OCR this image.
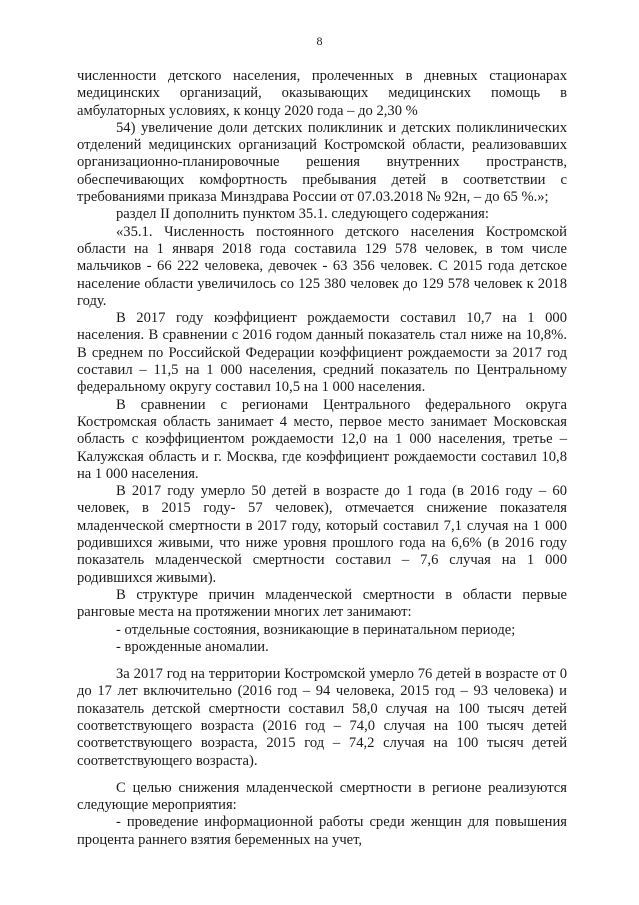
8

численности детского населения, пролеченных в дневных стационарах медицинских организаций, оказывающих медицинских помощь в амбулаторных условиях, к концу 2020 года – до 2,30 %

54) увеличение доли детских поликлиник и детских поликлинических отделений медицинских организаций Костромской области, реализовавших организационно-планировочные решения внутренних пространств, обеспечивающих комфортность пребывания детей в соответствии с требованиями приказа Минздрава России от 07.03.2018 № 92н, – до 65 %.»;

раздел II дополнить пунктом 35.1. следующего содержания:

«35.1. Численность постоянного детского населения Костромской области на 1 января 2018 года составила 129 578 человек, в том числе мальчиков - 66 222 человека, девочек - 63 356 человек. С 2015 года детское население области увеличилось со 125 380 человек до 129 578 человек к 2018 году.

В 2017 году коэффициент рождаемости составил 10,7 на 1 000 населения. В сравнении с 2016 годом данный показатель стал ниже на 10,8%. В среднем по Российской Федерации коэффициент рождаемости за 2017 год составил – 11,5 на 1 000 населения, средний показатель по Центральному федеральному округу составил 10,5 на 1 000 населения.

В сравнении с регионами Центрального федерального округа Костромская область занимает 4 место, первое место занимает Московская область с коэффициентом рождаемости 12,0 на 1 000 населения, третье – Калужская область и г. Москва, где коэффициент рождаемости составил 10,8 на 1 000 населения.

В 2017 году умерло 50 детей в возрасте до 1 года (в 2016 году – 60 человек, в 2015 году- 57 человек), отмечается снижение показателя младенческой смертности в 2017 году, который составил 7,1 случая на 1 000 родившихся живыми, что ниже уровня прошлого года на 6,6% (в 2016 году показатель младенческой смертности составил – 7,6 случая на 1 000 родившихся живыми).

В структуре причин младенческой смертности в области первые ранговые места на протяжении многих лет занимают:

- отдельные состояния, возникающие в перинатальном периоде;

- врожденные аномалии.

За 2017 год на территории Костромской умерло 76 детей в возрасте от 0 до 17 лет включительно (2016 год – 94 человека, 2015 год – 93 человека) и показатель детской смертности составил 58,0 случая на 100 тысяч детей соответствующего возраста (2016 год – 74,0 случая на 100 тысяч детей соответствующего возраста, 2015 год – 74,2 случая на 100 тысяч детей соответствующего возраста).

С целью снижения младенческой смертности в регионе реализуются следующие мероприятия:

- проведение информационной работы среди женщин для повышения процента раннего взятия беременных на учет,
